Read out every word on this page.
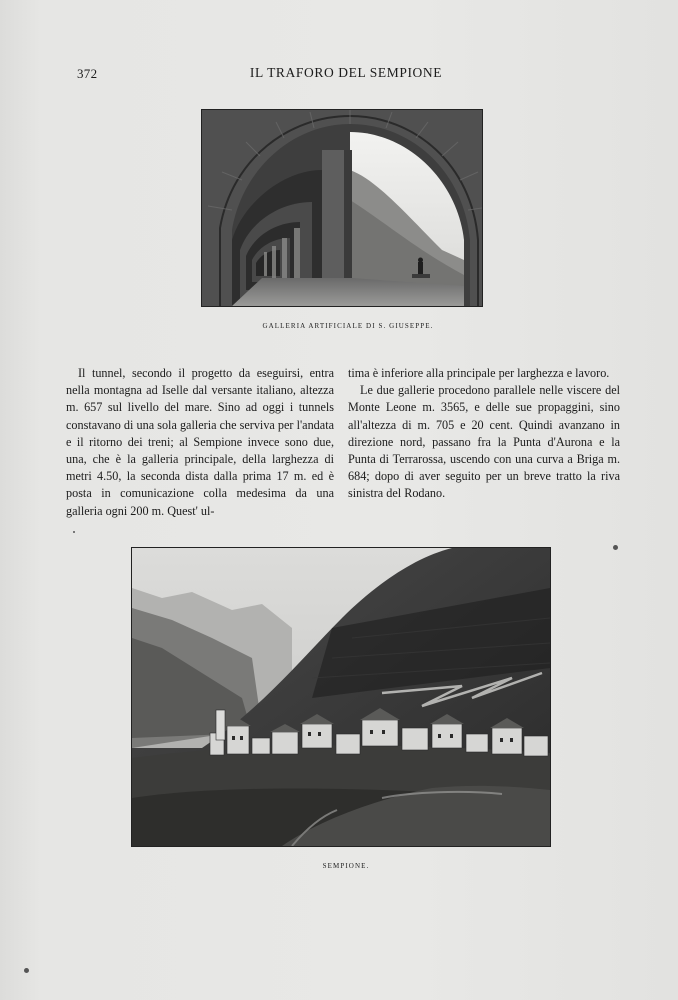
372	IL TRAFORO DEL SEMPIONE
GALLERIA ARTIFICIALE DI S. GIUSEPPE.

Il tunnel, secondo il progetto da eseguirsi, entra nella montagna ad Iselle dal versante italiano, altezza m. 657 sul livello del mare. Sino ad oggi i tunnels constavano di una sola galleria che serviva per l'andata e il ritorno dei treni; al Sempione invece sono due, una, che è la galleria principale, della larghezza di metri 4.50, la seconda dista dalla prima 17 m. ed è posta in comunicazione colla medesima da una galleria ogni 200 m. Quest' ul-

tima è inferiore alla principale per larghezza e lavoro.

Le due gallerie procedono parallele nelle viscere del Monte Leone m. 3565, e delle sue propaggini, sino all'altezza di m. 705 e 20 cent. Quindi avanzano in direzione nord, passano fra la Punta d'Aurona e la Punta di Terrarossa, uscendo con una curva a Briga m. 684; dopo di aver seguito per un breve tratto la riva sinistra del Rodano.

SEMPIONE.
